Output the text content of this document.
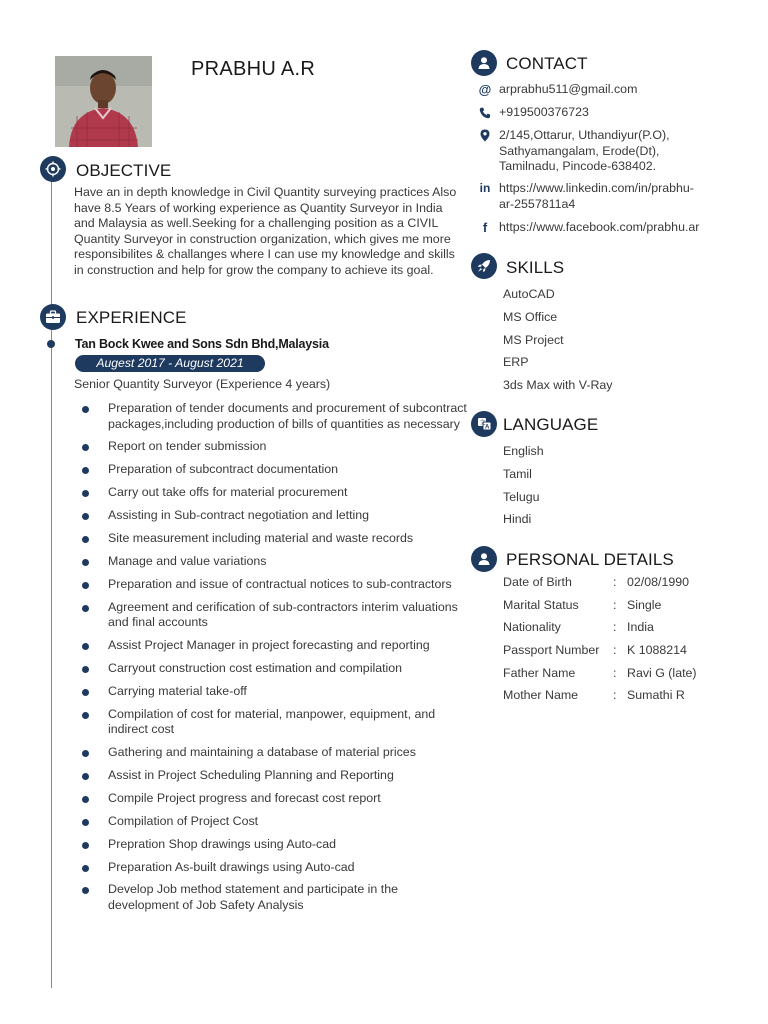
PRABHU A.R
OBJECTIVE
Have an in depth knowledge in Civil Quantity surveying practices Also have 8.5 Years of working experience as Quantity Surveyor in India and Malaysia as well.Seeking for a challenging position as a CIVIL Quantity Surveyor in construction organization, which gives me more responsibilites & challanges where I can use my knowledge and skills in construction and help for grow the company to achieve its goal.
EXPERIENCE
Tan Bock Kwee and Sons Sdn Bhd,Malaysia
Augest 2017 - August 2021
Senior Quantity Surveyor (Experience 4 years)
Preparation of tender documents and procurement of subcontract packages,including production of bills of quantities as necessary
Report on tender submission
Preparation of subcontract documentation
Carry out take offs for material procurement
Assisting in Sub-contract negotiation and letting
Site measurement including material and waste records
Manage and value variations
Preparation and issue of contractual notices to sub-contractors
Agreement and cerification of sub-contractors interim valuations and final accounts
Assist Project Manager in project forecasting and reporting
Carryout construction cost estimation and compilation
Carrying material take-off
Compilation of cost for material, manpower, equipment, and indirect cost
Gathering and maintaining a database of material prices
Assist in Project Scheduling Planning and Reporting
Compile Project progress and forecast cost report
Compilation of Project Cost
Prepration Shop drawings using Auto-cad
Preparation As-built drawings using Auto-cad
Develop Job method statement and participate in the development of Job Safety Analysis
CONTACT
@ arprabhu511@gmail.com
+919500376723
2/145,Ottarur, Uthandiyur(P.O),
Sathyamangalam, Erode(Dt),
Tamilnadu, Pincode-638402.
in https://www.linkedin.com/in/prabhu-
ar-2557811a4
f https://www.facebook.com/prabhu.ar
SKILLS
AutoCAD
MS Office
MS Project
ERP
3ds Max with V-Ray
文
A LANGUAGE
English
Tamil
Telugu
Hindi
PERSONAL DETAILS
Date of Birth	: 02/08/1990
Marital Status	: Single
Nationality	: India
Passport Number : K 1088214
Father Name	: Ravi G (late)
Mother Name	: Sumathi R
